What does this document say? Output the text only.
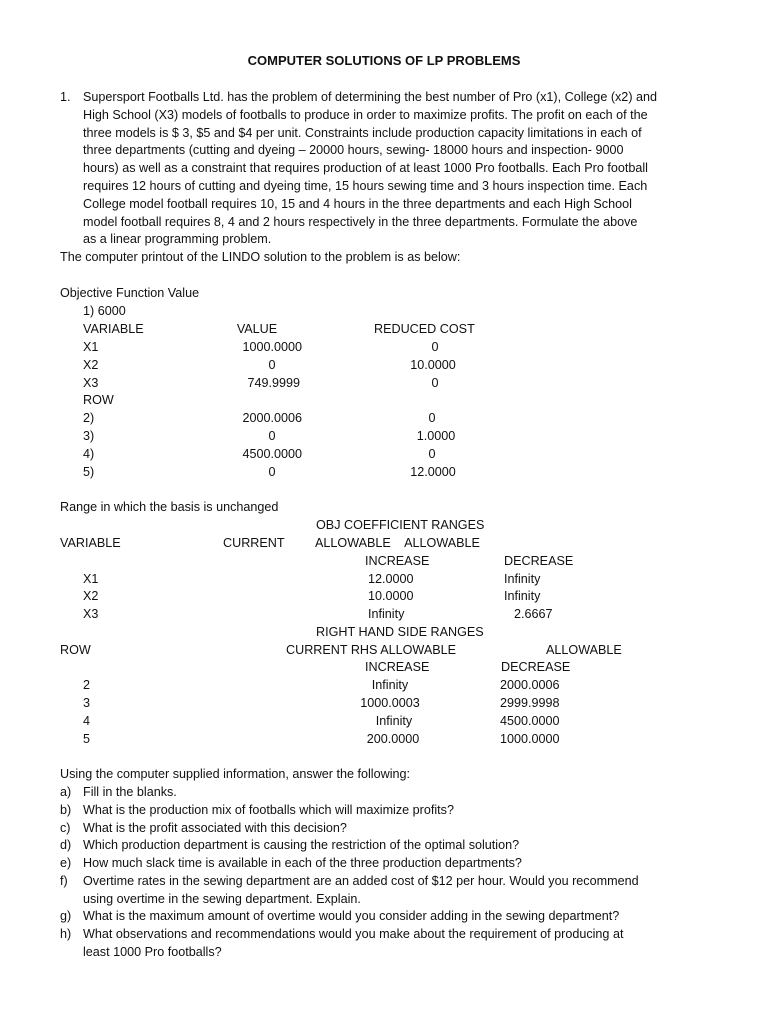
COMPUTER SOLUTIONS OF LP PROBLEMS
1. Supersport Footballs Ltd. has the problem of determining the best number of Pro (x1), College (x2) and
High School (X3) models of footballs to produce in order to maximize profits. The profit on each of the
three models is $ 3, $5 and $4 per unit. Constraints include production capacity limitations in each of
three departments (cutting and dyeing – 20000 hours, sewing- 18000 hours and inspection- 9000
hours) as well as a constraint that requires production of at least 1000 Pro footballs. Each Pro football
requires 12 hours of cutting and dyeing time, 15 hours sewing time and 3 hours inspection time. Each
College model football requires 10, 15 and 4 hours in the three departments and each High School
model football requires 8, 4 and 2 hours respectively in the three departments. Formulate the above
as a linear programming problem.
The computer printout of the LINDO solution to the problem is as below:
Objective Function Value
1) 6000
VARIABLE	VALUE	REDUCED COST
X1	1000.0000	0
X2	0	10.0000
X3	749.9999	0
ROW
2)	2000.0006	0
3)	0	1.0000
4)	4500.0000	0
5)	0	12.0000
Range in which the basis is unchanged
OBJ COEFFICIENT RANGES
VARIABLE	CURRENT ALLOWABLE    ALLOWABLE
INCREASE	DECREASE
X1	12.0000	Infinity
X2	10.0000	Infinity
X3	Infinity	2.6667
RIGHT HAND SIDE RANGES
ROW	CURRENT RHS ALLOWABLE	ALLOWABLE
INCREASE	DECREASE
2	Infinity	2000.0006
3	1000.0003	2999.9998
4	Infinity	4500.0000
5	200.0000	1000.0000
Using the computer supplied information, answer the following:
a) Fill in the blanks.
b) What is the production mix of footballs which will maximize profits?
c) What is the profit associated with this decision?
d) Which production department is causing the restriction of the optimal solution?
e) How much slack time is available in each of the three production departments?
f) Overtime rates in the sewing department are an added cost of $12 per hour. Would you recommend
using overtime in the sewing department. Explain.
g) What is the maximum amount of overtime would you consider adding in the sewing department?
h) What observations and recommendations would you make about the requirement of producing at
least 1000 Pro footballs?
